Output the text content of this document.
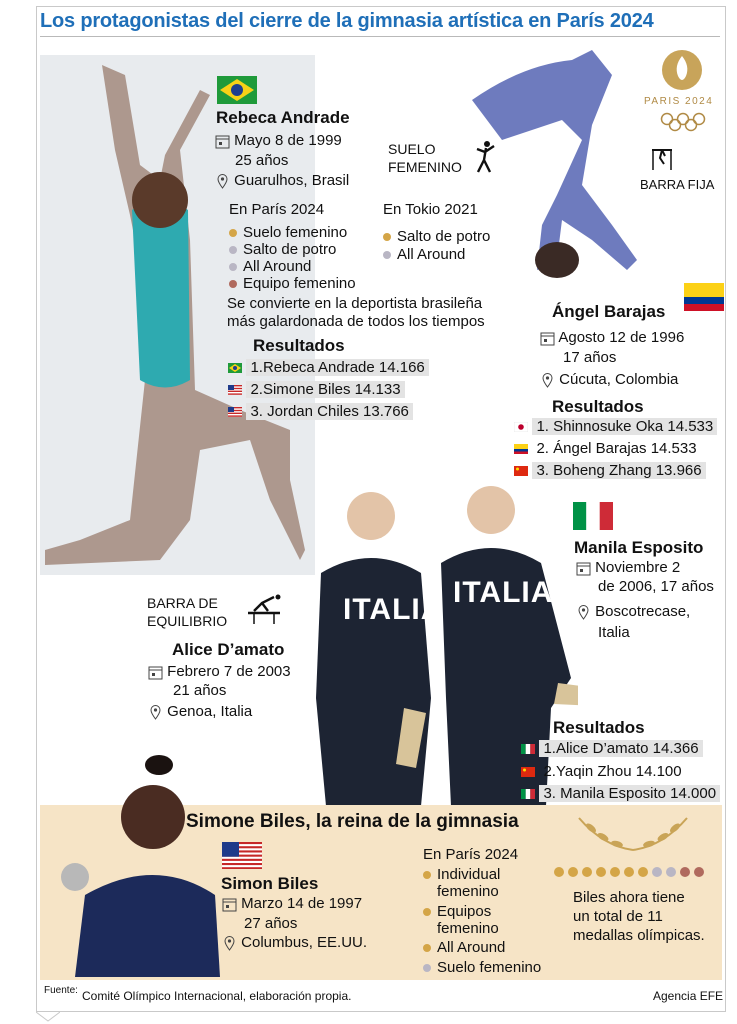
Los protagonistas del cierre de la gimnasia artística en París 2024
Rebeca Andrade
Mayo 8 de 1999
25 años
Guarulhos, Brasil
SUELO
FEMENINO
En París 2024
Suelo femenino
Salto de potro
All Around
Equipo femenino
En Tokio 2021
Salto de potro
All Around
Se convierte en la deportista brasileña
más galardonada de todos los tiempos
Resultados
1.Rebeca Andrade 14.166
2.Simone Biles 14.133
3. Jordan Chiles 13.766
PARIS 2024
BARRA FIJA
Ángel Barajas
Agosto 12 de 1996
17 años
Cúcuta, Colombia
Resultados
1. Shinnosuke Oka 14.533
2. Ángel Barajas 14.533
3. Boheng Zhang 13.966
Manila Esposito
Noviembre 2
de 2006, 17 años
Boscotrecase,
Italia
ITALIA
ITALIA
BARRA DE
EQUILIBRIO
Alice D’amato
Febrero 7 de 2003
21 años
Genoa, Italia
Resultados
1.Alice D’amato 14.366
2.Yaqin Zhou 14.100
3. Manila Esposito 14.000
Simone Biles, la reina de la gimnasia
Simon Biles
Marzo 14 de 1997
27 años
Columbus, EE.UU.
En París 2024
Individual
femenino
Equipos
femenino
All Around
Suelo femenino
Biles ahora tiene
un total de 11
medallas olímpicas.
Fuente: Comité Olímpico Internacional, elaboración propia.	Agencia EFE
